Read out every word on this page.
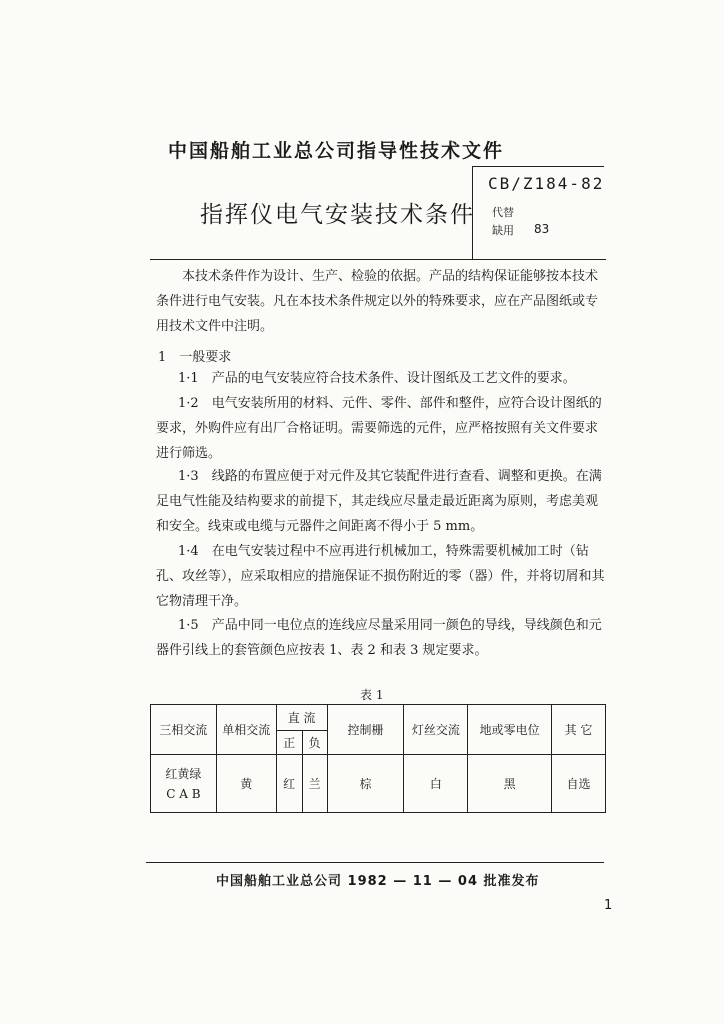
中国船舶工业总公司指导性技术文件
CB/Z184-82
指挥仪电气安装技术条件 代替
缺用 83
本技术条件作为设计、生产、检验的依据。产品的结构保证能够按本技术条件进行电气安装。凡在本技术条件规定以外的特殊要求，应在产品图纸或专用技术文件中注明。
1　一般要求
1·1　 产品的电气安装应符合技术条件、设计图纸及工艺文件的要求。
1·2　 电气安装所用的材料、元件、零件、部件和整件，应符合设计图纸的要求，外购件应有出厂合格证明。需要筛选的元件，应严格按照有关文件要求进行筛选。
1·3　 线路的布置应便于对元件及其它装配件进行查看、调整和更换。在满足电气性能及结构要求的前提下，其走线应尽量走最近距离为原则，考虑美观和安全。线束或电缆与元器件之间距离不得小于 5 mm。
1·4　 在电气安装过程中不应再进行机械加工，特殊需要机械加工时（钻孔、攻丝等），应采取相应的措施保证不损伤附近的零（器）件，并将切屑和其它物清理干净。
1·5　 产品中同一电位点的连线应尽量采用同一颜色的导线，导线颜色和元器件引线上的套管颜色应按表 1、表 2 和表 3 规定要求。
表 1
三相交流	单相交流	直 流		控制栅	灯丝交流	地或零电位	其 它
		正	负				

红黄绿
C A B	黄	红	兰	棕	白	黑	自选
中国船舶工业总公司 1982 — 11 — 04 批准发布
1
